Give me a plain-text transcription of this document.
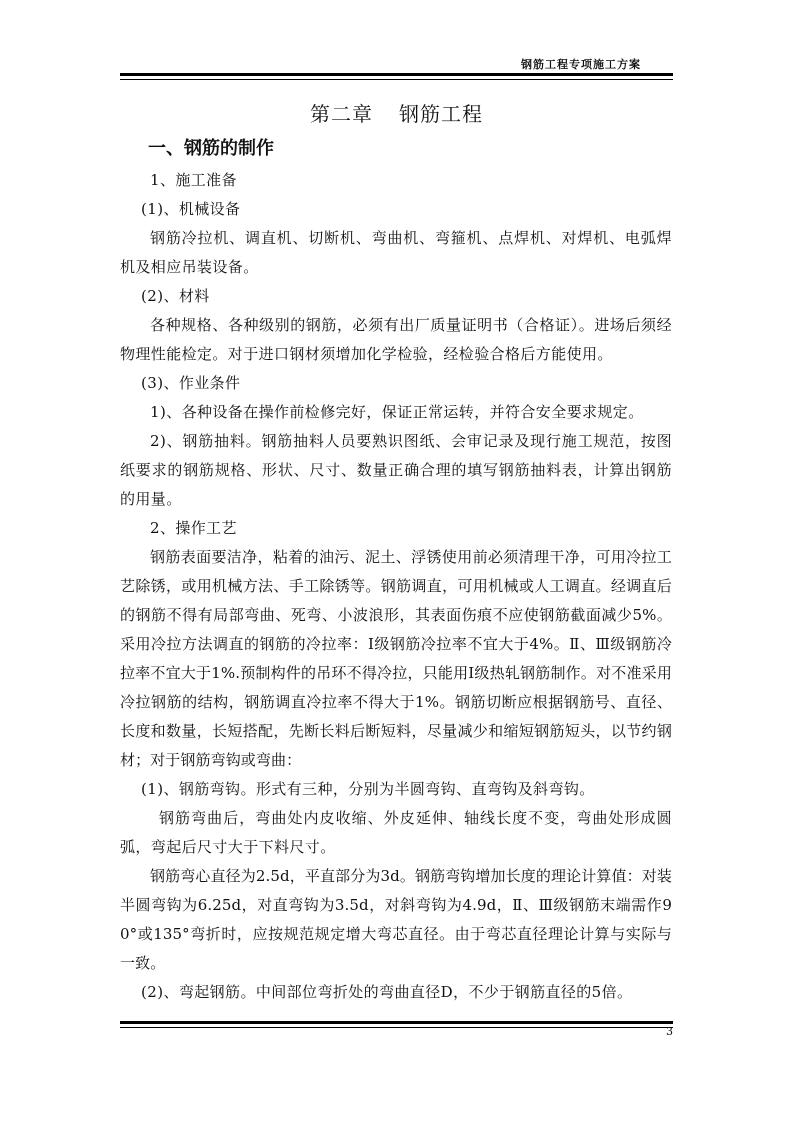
钢筋工程专项施工方案
第二章 钢筋工程

一、钢筋的制作

1、施工准备

(1)、机械设备

钢筋冷拉机、调直机、切断机、弯曲机、弯箍机、点焊机、对焊机、电弧焊机及相应吊装设备。

(2)、材料

各种规格、各种级别的钢筋，必须有出厂质量证明书（合格证）。进场后须经物理性能检定。对于进口钢材须增加化学检验，经检验合格后方能使用。

(3)、作业条件

1)、各种设备在操作前检修完好，保证正常运转，并符合安全要求规定。

2)、钢筋抽料。钢筋抽料人员要熟识图纸、会审记录及现行施工规范，按图纸要求的钢筋规格、形状、尺寸、数量正确合理的填写钢筋抽料表，计算出钢筋的用量。

2、操作工艺

钢筋表面要洁净，粘着的油污、泥土、浮锈使用前必须清理干净，可用冷拉工艺除锈，或用机械方法、手工除锈等。钢筋调直，可用机械或人工调直。经调直后的钢筋不得有局部弯曲、死弯、小波浪形，其表面伤痕不应使钢筋截面减少5%。采用冷拉方法调直的钢筋的冷拉率：Ⅰ级钢筋冷拉率不宜大于4%。Ⅱ、Ⅲ级钢筋冷拉率不宜大于1%.预制构件的吊环不得冷拉，只能用Ⅰ级热轧钢筋制作。对不准采用冷拉钢筋的结构，钢筋调直冷拉率不得大于1%。钢筋切断应根据钢筋号、直径、长度和数量，长短搭配，先断长料后断短料，尽量减少和缩短钢筋短头，以节约钢材；对于钢筋弯钩或弯曲：

(1)、钢筋弯钩。形式有三种，分别为半圆弯钩、直弯钩及斜弯钩。

钢筋弯曲后，弯曲处内皮收缩、外皮延伸、轴线长度不变，弯曲处形成圆弧，弯起后尺寸大于下料尺寸。

钢筋弯心直径为2.5d，平直部分为3d。钢筋弯钩增加长度的理论计算值：对装半圆弯钩为6.25d，对直弯钩为3.5d，对斜弯钩为4.9d，Ⅱ、Ⅲ级钢筋末端需作90°或135°弯折时，应按规范规定增大弯芯直径。由于弯芯直径理论计算与实际与一致。

(2)、弯起钢筋。中间部位弯折处的弯曲直径D，不少于钢筋直径的5倍。

3
